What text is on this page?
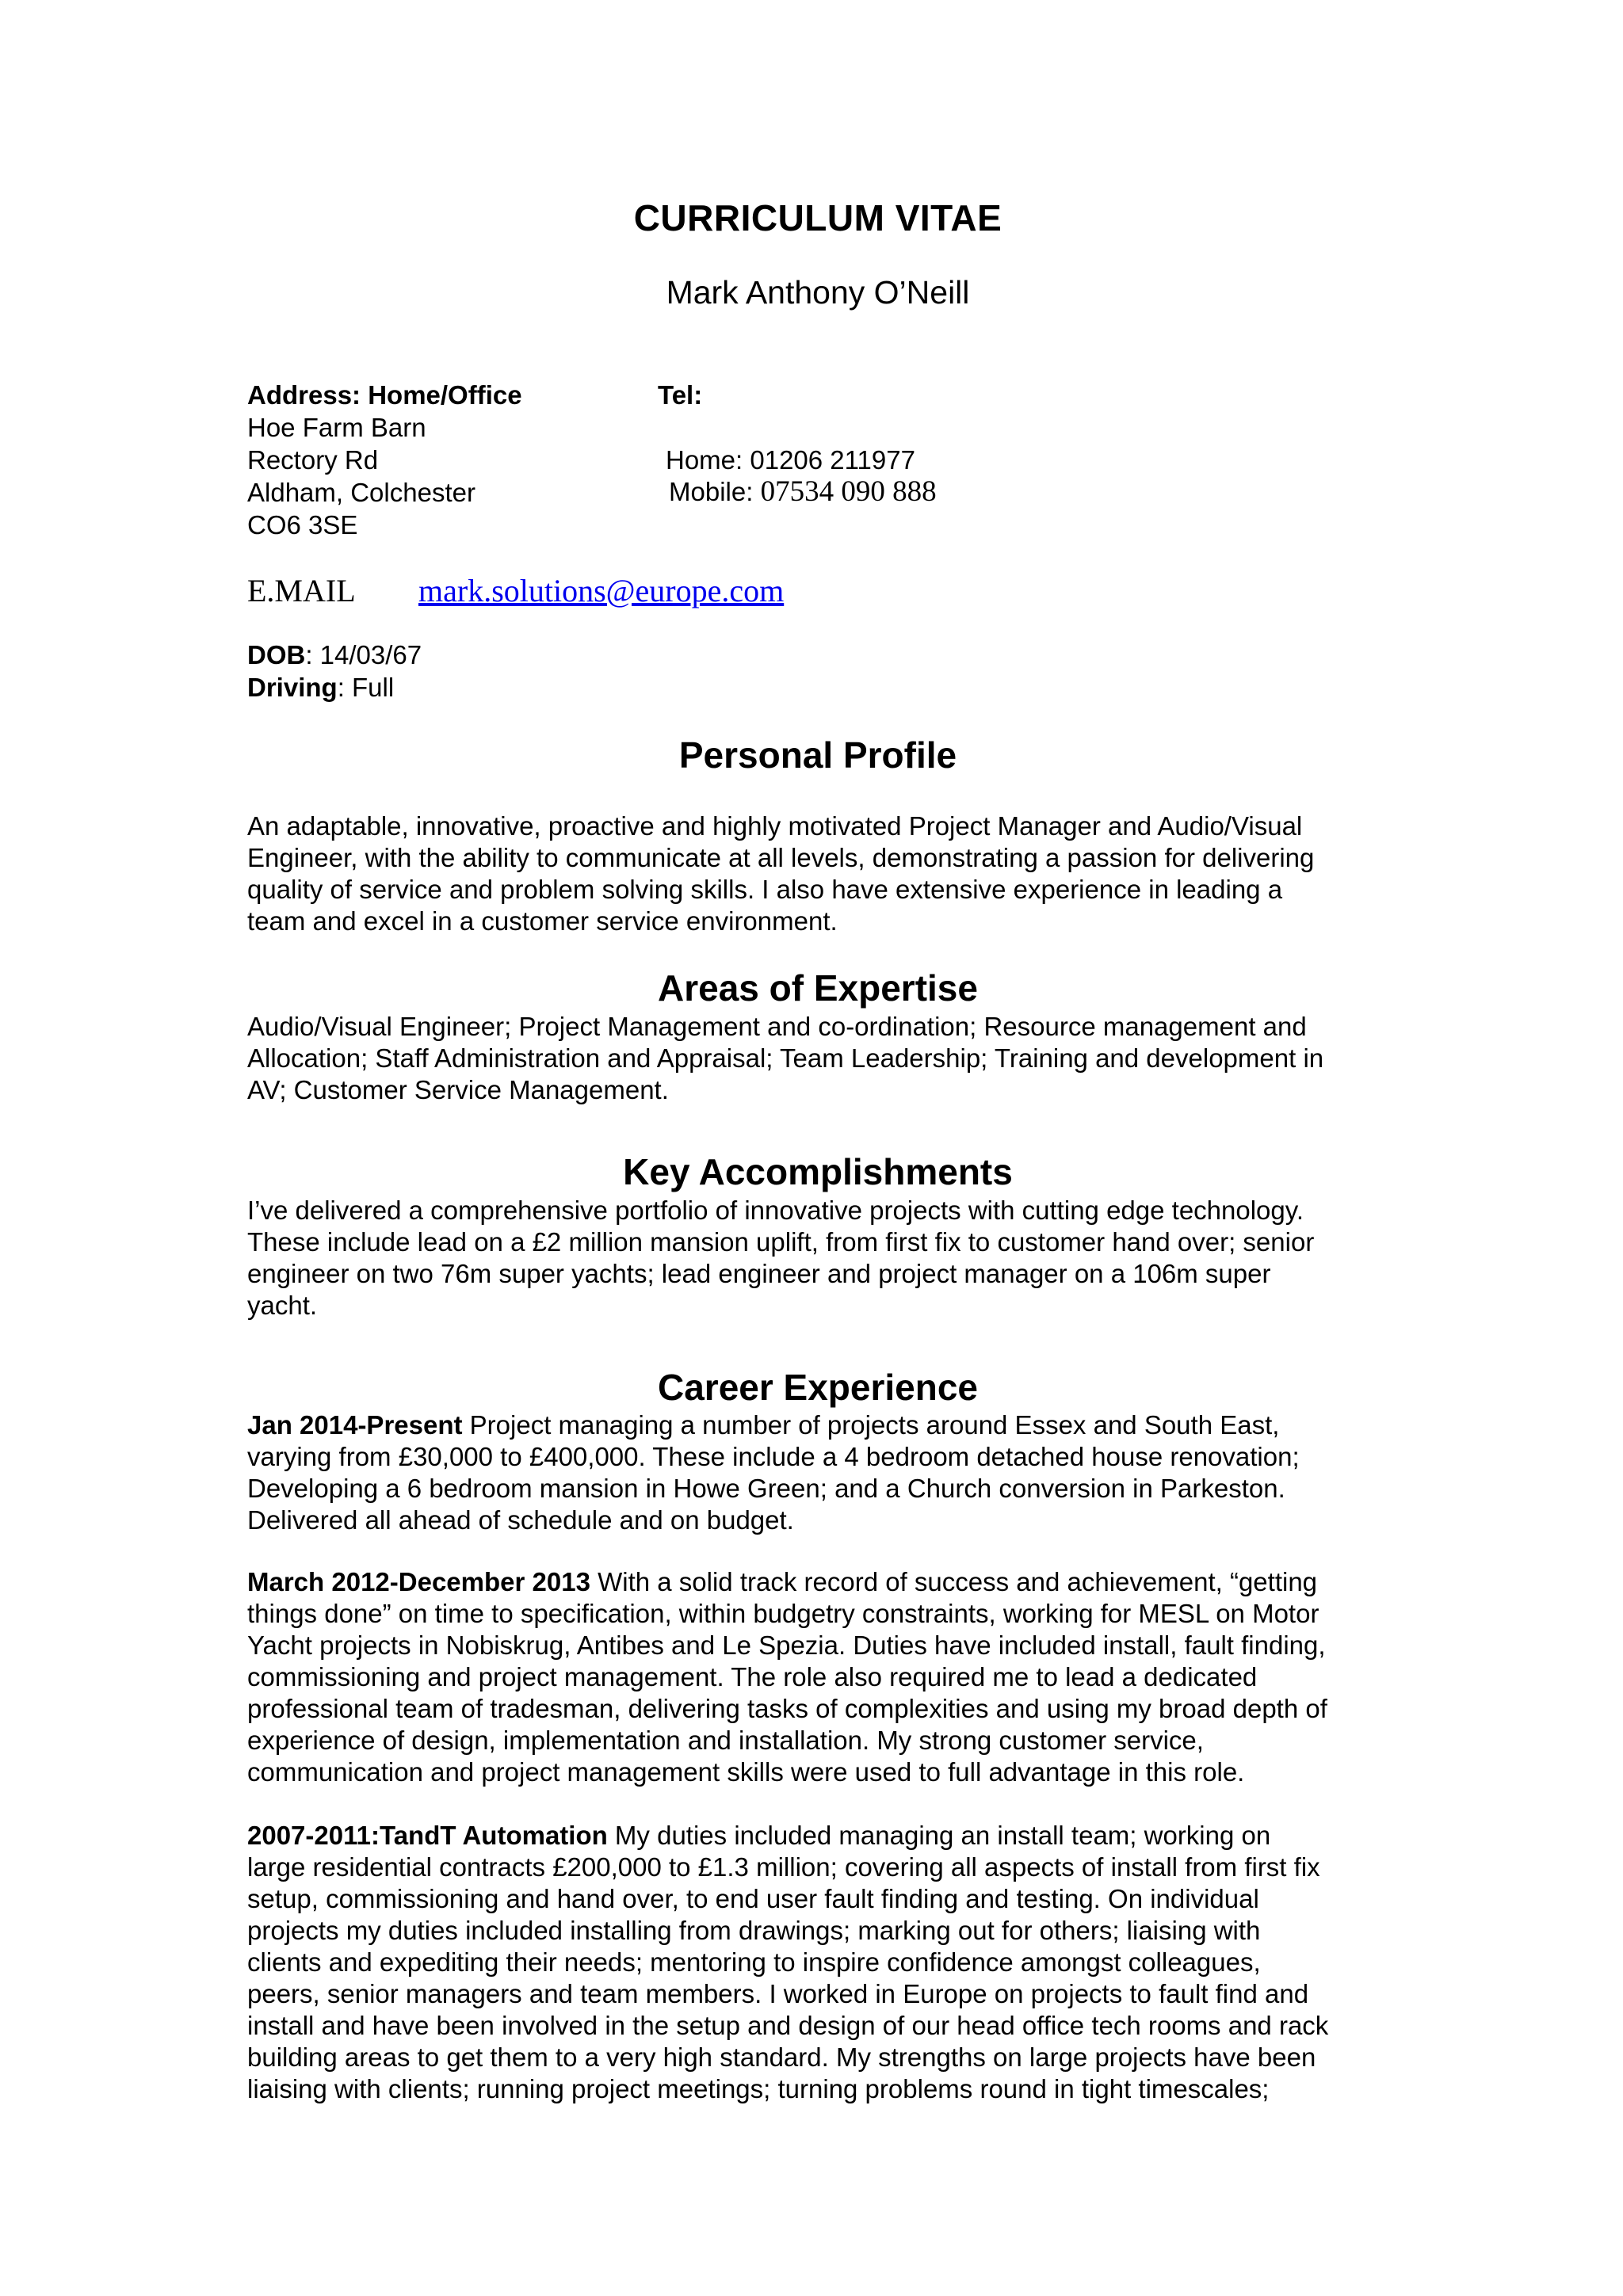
CURRICULUM VITAE
Mark Anthony O’Neill
Address: Home/Office	Tel:
Hoe Farm Barn
Rectory Rd
Aldham, Colchester
CO6 3SE
Home: 01206 211977
Mobile: 07534 090 888
E.MAIL mark.solutions@europe.com
DOB: 14/03/67
Driving: Full
Personal Profile
An adaptable, innovative, proactive and highly motivated Project Manager and Audio/Visual
Engineer, with the ability to communicate at all levels, demonstrating a passion for delivering
quality of service and problem solving skills. I also have extensive experience in leading a
team and excel in a customer service environment.
Areas of Expertise
Audio/Visual Engineer; Project Management and co-ordination; Resource management and
Allocation; Staff Administration and Appraisal; Team Leadership; Training and development in
AV; Customer Service Management.
Key Accomplishments
I’ve delivered a comprehensive portfolio of innovative projects with cutting edge technology.
These include lead on a £2 million mansion uplift, from first fix to customer hand over; senior
engineer on two 76m super yachts; lead engineer and project manager on a 106m super
yacht.
Career Experience
Jan 2014-Present Project managing a number of projects around Essex and South East,
varying from £30,000 to £400,000. These include a 4 bedroom detached house renovation;
Developing a 6 bedroom mansion in Howe Green; and a Church conversion in Parkeston.
Delivered all ahead of schedule and on budget.
March 2012-December 2013 With a solid track record of success and achievement, “getting
things done” on time to specification, within budgetry constraints, working for MESL on Motor
Yacht projects in Nobiskrug, Antibes and Le Spezia. Duties have included install, fault finding,
commissioning and project management. The role also required me to lead a dedicated
professional team of tradesman, delivering tasks of complexities and using my broad depth of
experience of design, implementation and installation. My strong customer service,
communication and project management skills were used to full advantage in this role.
2007-2011:TandT Automation My duties included managing an install team; working on
large residential contracts £200,000 to £1.3 million; covering all aspects of install from first fix
setup, commissioning and hand over, to end user fault finding and testing. On individual
projects my duties included installing from drawings; marking out for others; liaising with
clients and expediting their needs; mentoring to inspire confidence amongst colleagues,
peers, senior managers and team members. I worked in Europe on projects to fault find and
install and have been involved in the setup and design of our head office tech rooms and rack
building areas to get them to a very high standard. My strengths on large projects have been
liaising with clients; running project meetings; turning problems round in tight timescales;
